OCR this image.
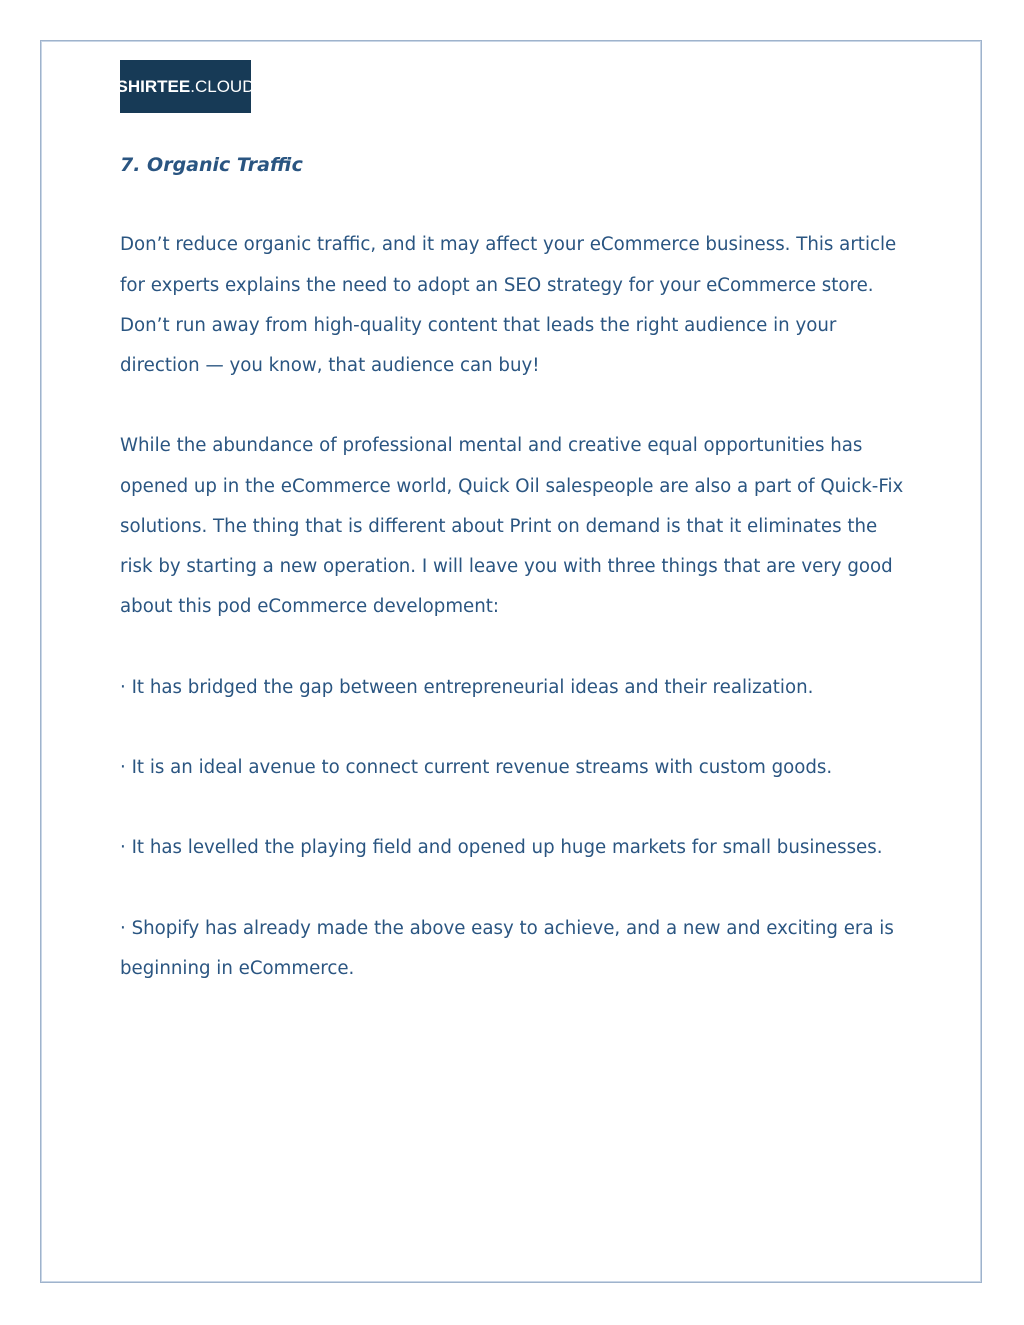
SHIRTEE .CLOUD

7. Organic Traffic

Don’t reduce organic traffic, and it may affect your eCommerce business. This article for experts explains the need to adopt an SEO strategy for your eCommerce store. Don’t run away from high-quality content that leads the right audience in your direction — you know, that audience can buy!

While the abundance of professional mental and creative equal opportunities has opened up in the eCommerce world, Quick Oil salespeople are also a part of Quick-Fix solutions. The thing that is different about Print on demand is that it eliminates the risk by starting a new operation. I will leave you with three things that are very good about this pod eCommerce development:

· It has bridged the gap between entrepreneurial ideas and their realization.

· It is an ideal avenue to connect current revenue streams with custom goods.

· It has levelled the playing field and opened up huge markets for small businesses.

· Shopify has already made the above easy to achieve, and a new and exciting era is beginning in eCommerce.
